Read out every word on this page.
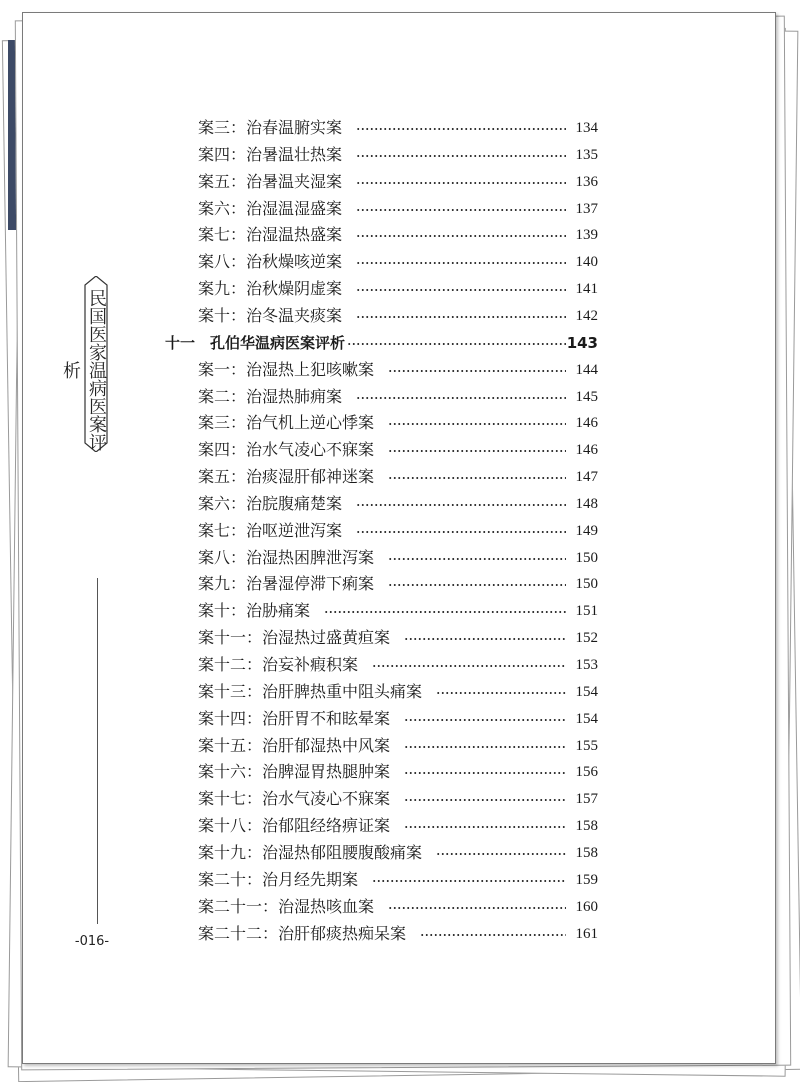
民国医家温病医案评析
-016-
案三：治春温腑实案	134
案四：治暑温壮热案	135
案五：治暑温夹湿案	136
案六：治湿温湿盛案	137
案七：治湿温热盛案	139
案八：治秋燥咳逆案	140
案九：治秋燥阴虚案	141
案十：治冬温夹痰案	142
十一　孔伯华温病医案评析	143
案一：治湿热上犯咳嗽案	144
案二：治湿热肺痈案	145
案三：治气机上逆心悸案	146
案四：治水气凌心不寐案	146
案五：治痰湿肝郁神迷案	147
案六：治脘腹痛楚案	148
案七：治呕逆泄泻案	149
案八：治湿热困脾泄泻案	150
案九：治暑湿停滞下痢案	150
案十：治胁痛案	151
案十一：治湿热过盛黄疸案	152
案十二：治妄补瘕积案	153
案十三：治肝脾热重中阻头痛案	154
案十四：治肝胃不和眩晕案	154
案十五：治肝郁湿热中风案	155
案十六：治脾湿胃热腿肿案	156
案十七：治水气凌心不寐案	157
案十八：治郁阻经络痹证案	158
案十九：治湿热郁阻腰腹酸痛案	158
案二十：治月经先期案	159
案二十一：治湿热咳血案	160
案二十二：治肝郁痰热痴呆案	161
